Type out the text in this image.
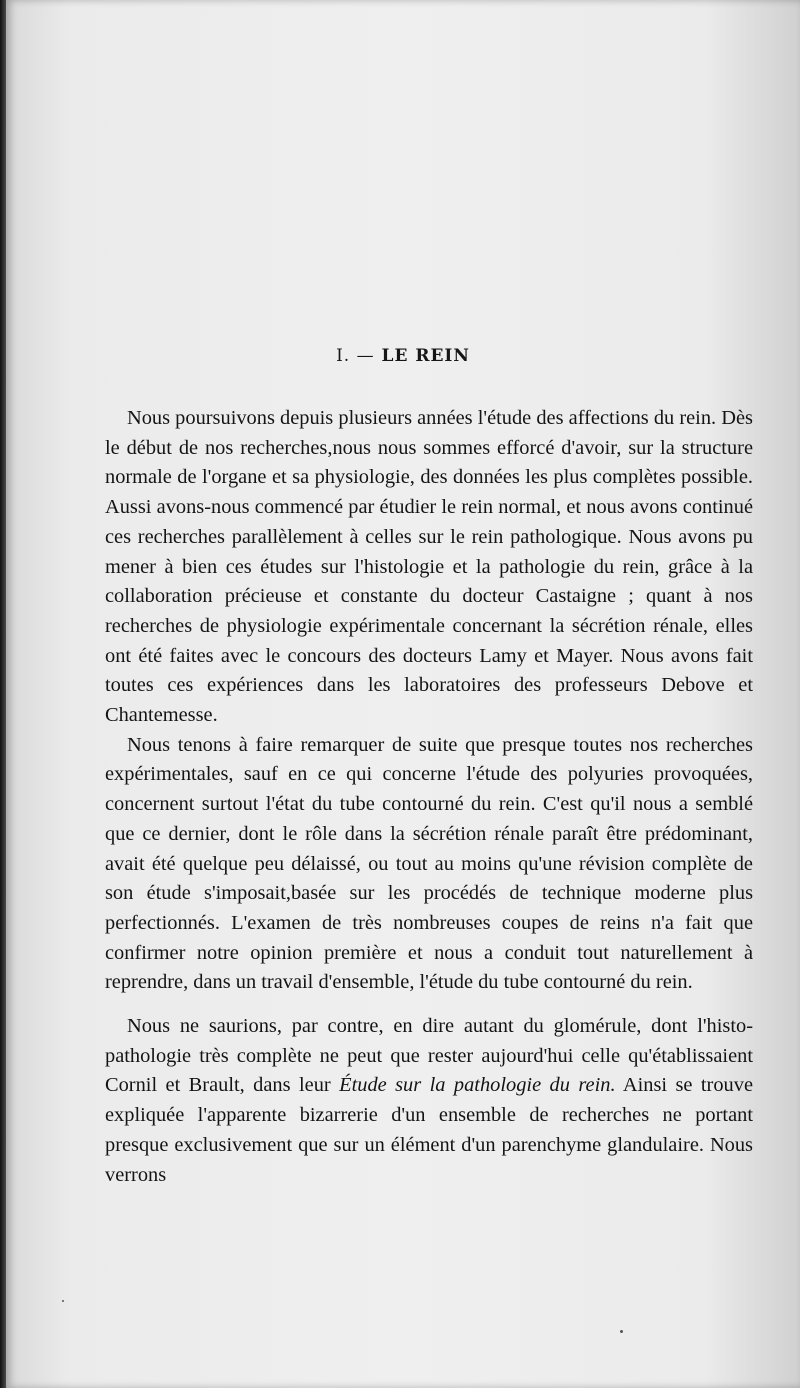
I. — LE REIN

Nous poursuivons depuis plusieurs années l'étude des affections du rein. Dès le début de nos recherches,nous nous sommes efforcé d'avoir, sur la structure normale de l'organe et sa physiologie, des données les plus complètes possible. Aussi avons-nous commencé par étudier le rein normal, et nous avons continué ces recherches parallèlement à celles sur le rein pathologique. Nous avons pu mener à bien ces études sur l'histologie et la pathologie du rein, grâce à la collaboration précieuse et constante du docteur Castaigne ; quant à nos recherches de physiologie expérimentale concernant la sécrétion rénale, elles ont été faites avec le concours des docteurs Lamy et Mayer. Nous avons fait toutes ces expériences dans les laboratoires des professeurs Debove et Chantemesse.

Nous tenons à faire remarquer de suite que presque toutes nos recherches expérimentales, sauf en ce qui concerne l'étude des polyuries provoquées, concernent surtout l'état du tube contourné du rein. C'est qu'il nous a semblé que ce dernier, dont le rôle dans la sécrétion rénale paraît être prédominant, avait été quelque peu délaissé, ou tout au moins qu'une révision complète de son étude s'imposait,basée sur les procédés de technique moderne plus perfectionnés. L'examen de très nombreuses coupes de reins n'a fait que confirmer notre opinion première et nous a conduit tout naturellement à reprendre, dans un travail d'ensemble, l'étude du tube contourné du rein.

Nous ne saurions, par contre, en dire autant du glomérule, dont l'histo-pathologie très complète ne peut que rester aujourd'hui celle qu'établissaient Cornil et Brault, dans leur Étude sur la pathologie du rein. Ainsi se trouve expliquée l'apparente bizarrerie d'un ensemble de recherches ne portant presque exclusivement que sur un élément d'un parenchyme glandulaire. Nous verrons
